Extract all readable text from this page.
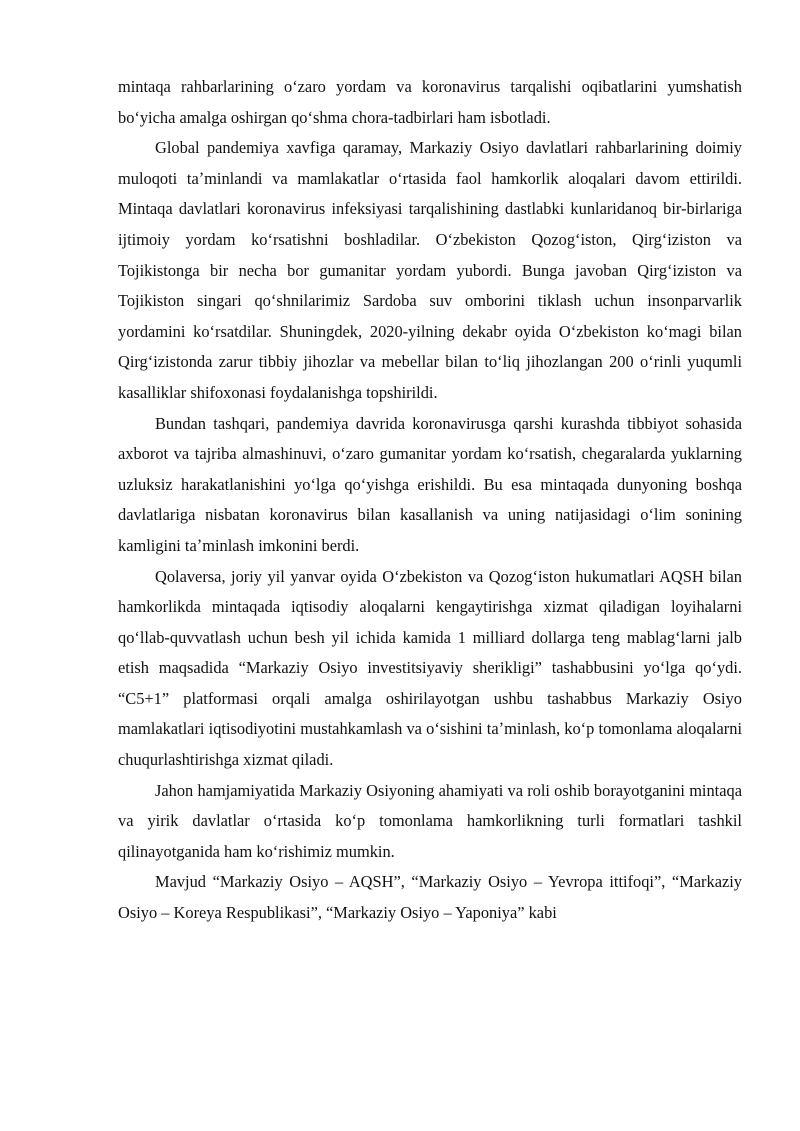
mintaqa rahbarlarining oʻzaro yordam va koronavirus tarqalishi oqibatlarini yumshatish boʻyicha amalga oshirgan qoʻshma chora-tadbirlari ham isbotladi.

Global pandemiya xavfiga qaramay, Markaziy Osiyo davlatlari rahbarlarining doimiy muloqoti taʼminlandi va mamlakatlar oʻrtasida faol hamkorlik aloqalari davom ettirildi. Mintaqa davlatlari koronavirus infeksiyasi tarqalishining dastlabki kunlaridanoq bir-birlariga ijtimoiy yordam koʻrsatishni boshladilar. Oʻzbekiston Qozogʻiston, Qirgʻiziston va Tojikistonga bir necha bor gumanitar yordam yubordi. Bunga javoban Qirgʻiziston va Tojikiston singari qoʻshnilarimiz Sardoba suv omborini tiklash uchun insonparvarlik yordamini koʻrsatdilar. Shuningdek, 2020-yilning dekabr oyida Oʻzbekiston koʻmagi bilan Qirgʻizistonda zarur tibbiy jihozlar va mebellar bilan toʻliq jihozlangan 200 oʻrinli yuqumli kasalliklar shifoxonasi foydalanishga topshirildi.

Bundan tashqari, pandemiya davrida koronavirusga qarshi kurashda tibbiyot sohasida axborot va tajriba almashinuvi, oʻzaro gumanitar yordam koʻrsatish, chegaralarda yuklarning uzluksiz harakatlanishini yoʻlga qoʻyishga erishildi. Bu esa mintaqada dunyoning boshqa davlatlariga nisbatan koronavirus bilan kasallanish va uning natijasidagi oʻlim sonining kamligini taʼminlash imkonini berdi.

Qolaversa, joriy yil yanvar oyida Oʻzbekiston va Qozogʻiston hukumatlari AQSH bilan hamkorlikda mintaqada iqtisodiy aloqalarni kengaytirishga xizmat qiladigan loyihalarni qoʻllab-quvvatlash uchun besh yil ichida kamida 1 milliard dollarga teng mablagʻlarni jalb etish maqsadida “Markaziy Osiyo investitsiyaviy sherikligi” tashabbusini yoʻlga qoʻydi. “C5+1” platformasi orqali amalga oshirilayotgan ushbu tashabbus Markaziy Osiyo mamlakatlari iqtisodiyotini mustahkamlash va oʻsishini taʼminlash, koʻp tomonlama aloqalarni chuqurlashtirishga xizmat qiladi.

Jahon hamjamiyatida Markaziy Osiyoning ahamiyati va roli oshib borayotganini mintaqa va yirik davlatlar oʻrtasida koʻp tomonlama hamkorlikning turli formatlari tashkil qilinayotganida ham koʻrishimiz mumkin.

Mavjud “Markaziy Osiyo – AQSH”, “Markaziy Osiyo – Yevropa ittifoqi”, “Markaziy Osiyo – Koreya Respublikasi”, “Markaziy Osiyo – Yaponiya” kabi
